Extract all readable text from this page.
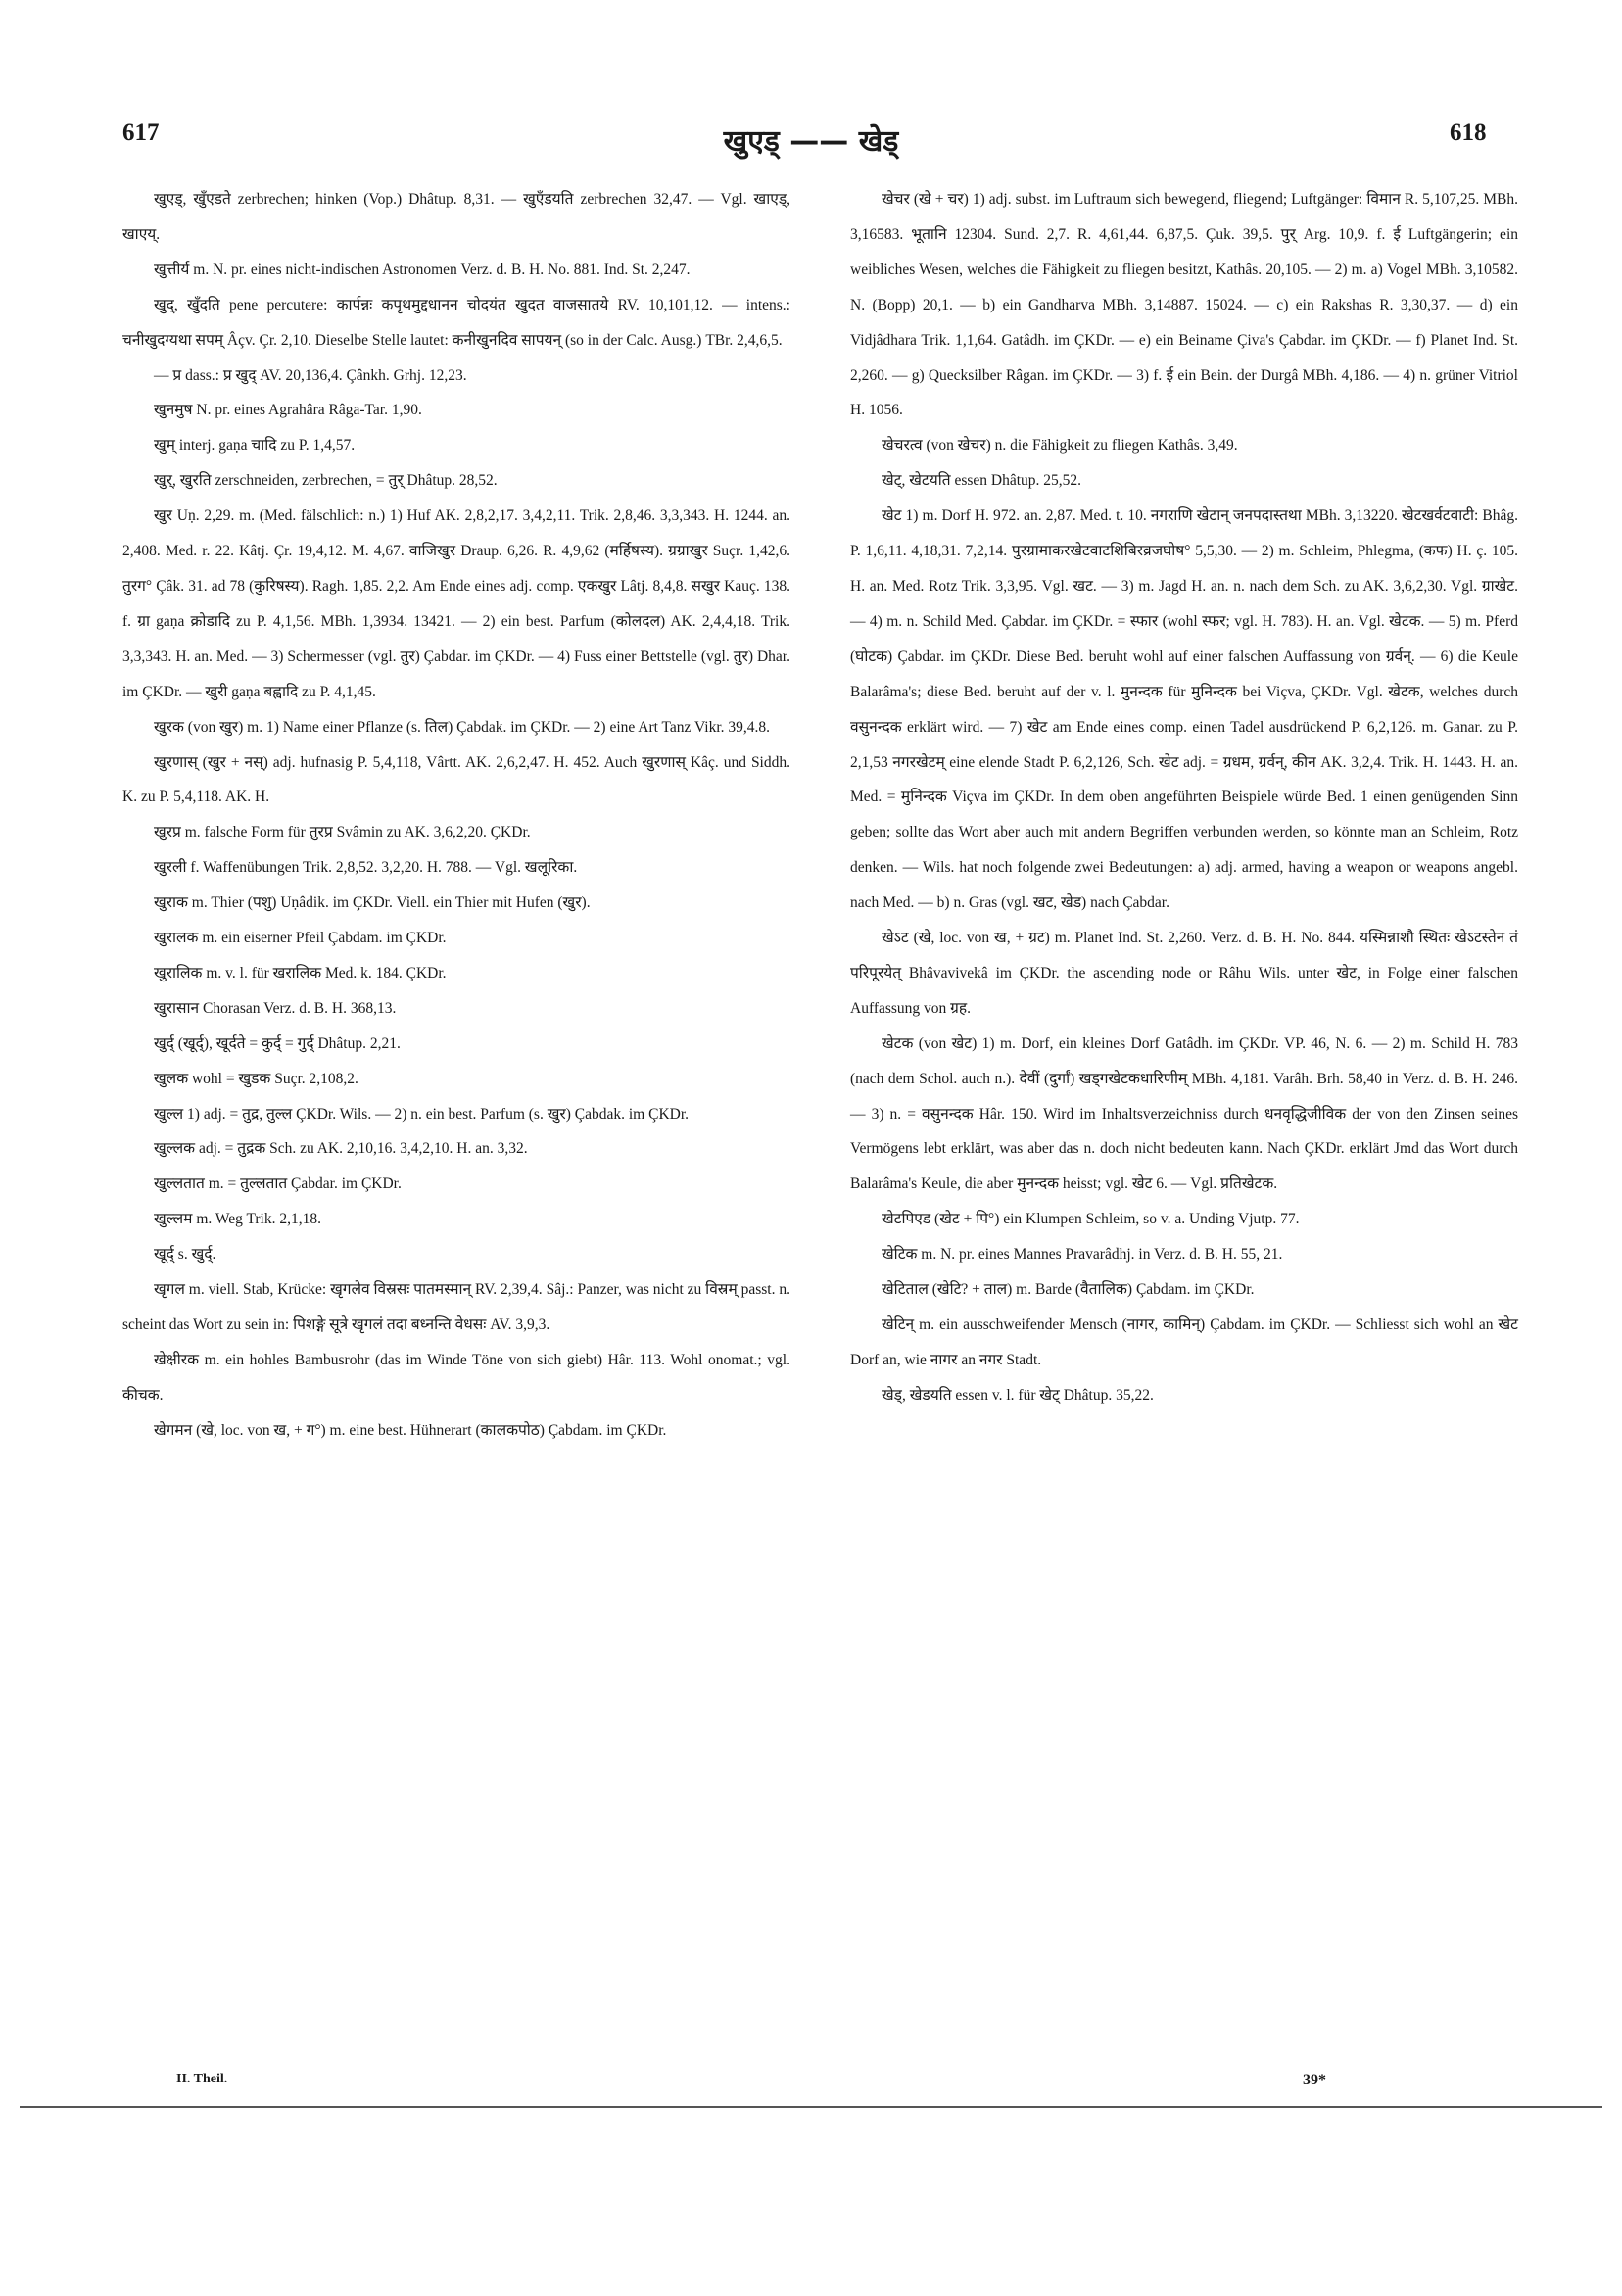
617	खुएड् —— खेड्	618

खुएड्, खुँएडते zerbrechen; hinken (Vop.) Dhâtup. 8,31. — खुएँडयति zerbrechen 32,47. — Vgl. खाएड्, खाएय्.

खुत्तीर्य m. N. pr. eines nicht-indischen Astronomen Verz. d. B. H. No. 881. Ind. St. 2,247.

खुद्, खुँदति pene percutere: कार्पन्नः कपृथमुद्दधानन चोदयंत खुदत वाजसातये RV. 10,101,12. — intens.: चनीखुदग्यथा सपम् Âçv. Çr. 2,10. Dieselbe Stelle lautet: कनीखुनदिव सापयन् (so in der Calc. Ausg.) TBr. 2,4,6,5.

— प्र dass.: प्र खुद् AV. 20,136,4. Çânkh. Grhj. 12,23.

खुनमुष N. pr. eines Agrahâra Râga-Tar. 1,90.

खुम् interj. gaṇa चादि zu P. 1,4,57.

खुर्, खुरति zerschneiden, zerbrechen, = तुर् Dhâtup. 28,52.

खुर Uṇ. 2,29. m. (Med. fälschlich: n.) 1) Huf AK. 2,8,2,17. 3,4,2,11. Trik. 2,8,46. 3,3,343. H. 1244. an. 2,408. Med. r. 22. Kâtj. Çr. 19,4,12. M. 4,67. वाजिखुर Draup. 6,26. R. 4,9,62 (मर्हिषस्य). ग्रग्राखुर Suçr. 1,42,6. तुरग° Çâk. 31. ad 78 (कुरिषस्य). Ragh. 1,85. 2,2. Am Ende eines adj. comp. एकखुर Lâtj. 8,4,8. सखुर Kauç. 138. f. ग्रा gaṇa क्रोडादि zu P. 4,1,56. MBh. 1,3934. 13421. — 2) ein best. Parfum (कोलदल) AK. 2,4,4,18. Trik. 3,3,343. H. an. Med. — 3) Schermesser (vgl. तुर) Çabdar. im ÇKDr. — 4) Fuss einer Bettstelle (vgl. तुर) Dhar. im ÇKDr. — खुरी gaṇa बह्वादि zu P. 4,1,45.

खुरक (von खुर) m. 1) Name einer Pflanze (s. तिल) Çabdak. im ÇKDr. — 2) eine Art Tanz Vikr. 39,4.8.

खुरणास् (खुर + नस्) adj. hufnasig P. 5,4,118, Vârtt. AK. 2,6,2,47. H. 452. Auch खुरणास् Kâç. und Siddh. K. zu P. 5,4,118. AK. H.

खुरप्र m. falsche Form für तुरप्र Svâmin zu AK. 3,6,2,20. ÇKDr.

खुरली f. Waffenübungen Trik. 2,8,52. 3,2,20. H. 788. — Vgl. खलूरिका.

खुराक m. Thier (पशु) Uṇâdik. im ÇKDr. Viell. ein Thier mit Hufen (खुर).

खुरालक m. ein eiserner Pfeil Çabdam. im ÇKDr.

खुरालिक m. v. l. für खरालिक Med. k. 184. ÇKDr.

खुरासान Chorasan Verz. d. B. H. 368,13.

खुर्द् (खूर्द्), खूर्दते = कुर्द् = गुर्द् Dhâtup. 2,21.

खुलक wohl = खुडक Suçr. 2,108,2.

खुल्ल 1) adj. = तुद्र, तुल्ल ÇKDr. Wils. — 2) n. ein best. Parfum (s. खुर) Çabdak. im ÇKDr.

खुल्लक adj. = तुद्रक Sch. zu AK. 2,10,16. 3,4,2,10. H. an. 3,32.

खुल्लतात m. = तुल्लतात Çabdar. im ÇKDr.

खुल्लम m. Weg Trik. 2,1,18.

खूर्द् s. खुर्द्.

खृगल m. viell. Stab, Krücke: खृगलेव विस्रसः पातमस्मान् RV. 2,39,4. Sâj.: Panzer, was nicht zu विस्रम् passt. n. scheint das Wort zu sein in: पिशङ्गे सूत्रे खृगलं तदा बध्नन्ति वेधसः AV. 3,9,3.

खेक्षीरक m. ein hohles Bambusrohr (das im Winde Töne von sich giebt) Hâr. 113. Wohl onomat.; vgl. कीचक.

खेगमन (खे, loc. von ख, + ग°) m. eine best. Hühnerart (कालकपोठ) Çabdam. im ÇKDr.

खेचर (खे + चर) 1) adj. subst. im Luftraum sich bewegend, fliegend; Luftgänger: विमान R. 5,107,25. MBh. 3,16583. भूतानि 12304. Sund. 2,7. R. 4,61,44. 6,87,5. Çuk. 39,5. पुर् Arg. 10,9. f. ई Luftgängerin; ein weibliches Wesen, welches die Fähigkeit zu fliegen besitzt, Kathâs. 20,105. — 2) m. a) Vogel MBh. 3,10582. N. (Bopp) 20,1. — b) ein Gandharva MBh. 3,14887. 15024. — c) ein Rakshas R. 3,30,37. — d) ein Vidjâdhara Trik. 1,1,64. Gatâdh. im ÇKDr. — e) ein Beiname Çiva's Çabdar. im ÇKDr. — f) Planet Ind. St. 2,260. — g) Quecksilber Râgan. im ÇKDr. — 3) f. ई ein Bein. der Durgâ MBh. 4,186. — 4) n. grüner Vitriol H. 1056.

खेचरत्व (von खेचर) n. die Fähigkeit zu fliegen Kathâs. 3,49.

खेट्, खेटयति essen Dhâtup. 25,52.

खेट 1) m. Dorf H. 972. an. 2,87. Med. t. 10. नगराणि खेटान् जनपदास्तथा MBh. 3,13220. खेटखर्वटवाटी: Bhâg. P. 1,6,11. 4,18,31. 7,2,14. पुरग्रामाकरखेटवाटशिबिरव्रजघोष° 5,5,30. — 2) m. Schleim, Phlegma, (कफ) H. ç. 105. H. an. Med. Rotz Trik. 3,3,95. Vgl. खट. — 3) m. Jagd H. an. n. nach dem Sch. zu AK. 3,6,2,30. Vgl. ग्राखेट. — 4) m. n. Schild Med. Çabdar. im ÇKDr. = स्फार (wohl स्फर; vgl. H. 783). H. an. Vgl. खेटक. — 5) m. Pferd (घोटक) Çabdar. im ÇKDr. Diese Bed. beruht wohl auf einer falschen Auffassung von ग्रर्वन्. — 6) die Keule Balarâma's; diese Bed. beruht auf der v. l. मुनन्दक für मुनिन्दक bei Viçva, ÇKDr. Vgl. खेटक, welches durch वसुनन्दक erklärt wird. — 7) खेट am Ende eines comp. einen Tadel ausdrückend P. 6,2,126. m. Ganar. zu P. 2,1,53 नगरखेटम् eine elende Stadt P. 6,2,126, Sch. खेट adj. = ग्रधम, ग्रर्वन्, कीन AK. 3,2,4. Trik. H. 1443. H. an. Med. = मुनिन्दक Viçva im ÇKDr. In dem oben angeführten Beispiele würde Bed. 1 einen genügenden Sinn geben; sollte das Wort aber auch mit andern Begriffen verbunden werden, so könnte man an Schleim, Rotz denken. — Wils. hat noch folgende zwei Bedeutungen: a) adj. armed, having a weapon or weapons angebl. nach Med. — b) n. Gras (vgl. खट, खेड) nach Çabdar.

खेऽट (खे, loc. von ख, + ग्रट) m. Planet Ind. St. 2,260. Verz. d. B. H. No. 844. यस्मिन्नाशौ स्थितः खेऽटस्तेन तं परिपूरयेत् Bhâvavivekâ im ÇKDr. the ascending node or Râhu Wils. unter खेट, in Folge einer falschen Auffassung von ग्रह.

खेटक (von खेट) 1) m. Dorf, ein kleines Dorf Gatâdh. im ÇKDr. VP. 46, N. 6. — 2) m. Schild H. 783 (nach dem Schol. auch n.). देवीं (दुर्गां) खड्गखेटकधारिणीम् MBh. 4,181. Varâh. Brh. 58,40 in Verz. d. B. H. 246. — 3) n. = वसुनन्दक Hâr. 150. Wird im Inhaltsverzeichniss durch धनवृद्धिजीविक der von den Zinsen seines Vermögens lebt erklärt, was aber das n. doch nicht bedeuten kann. Nach ÇKDr. erklärt Jmd das Wort durch Balarâma's Keule, die aber मुनन्दक heisst; vgl. खेट 6. — Vgl. प्रतिखेटक.

खेटपिएड (खेट + पि°) ein Klumpen Schleim, so v. a. Unding Vjutp. 77.

खेटिक m. N. pr. eines Mannes Pravarâdhj. in Verz. d. B. H. 55, 21.

खेटिताल (खेटि? + ताल) m. Barde (वैतालिक) Çabdam. im ÇKDr.

खेटिन् m. ein ausschweifender Mensch (नागर, कामिन्) Çabdam. im ÇKDr. — Schliesst sich wohl an खेट Dorf an, wie नागर an नगर Stadt.

खेड्, खेडयति essen v. l. für खेट् Dhâtup. 35,22.

II. Theil.	39*
